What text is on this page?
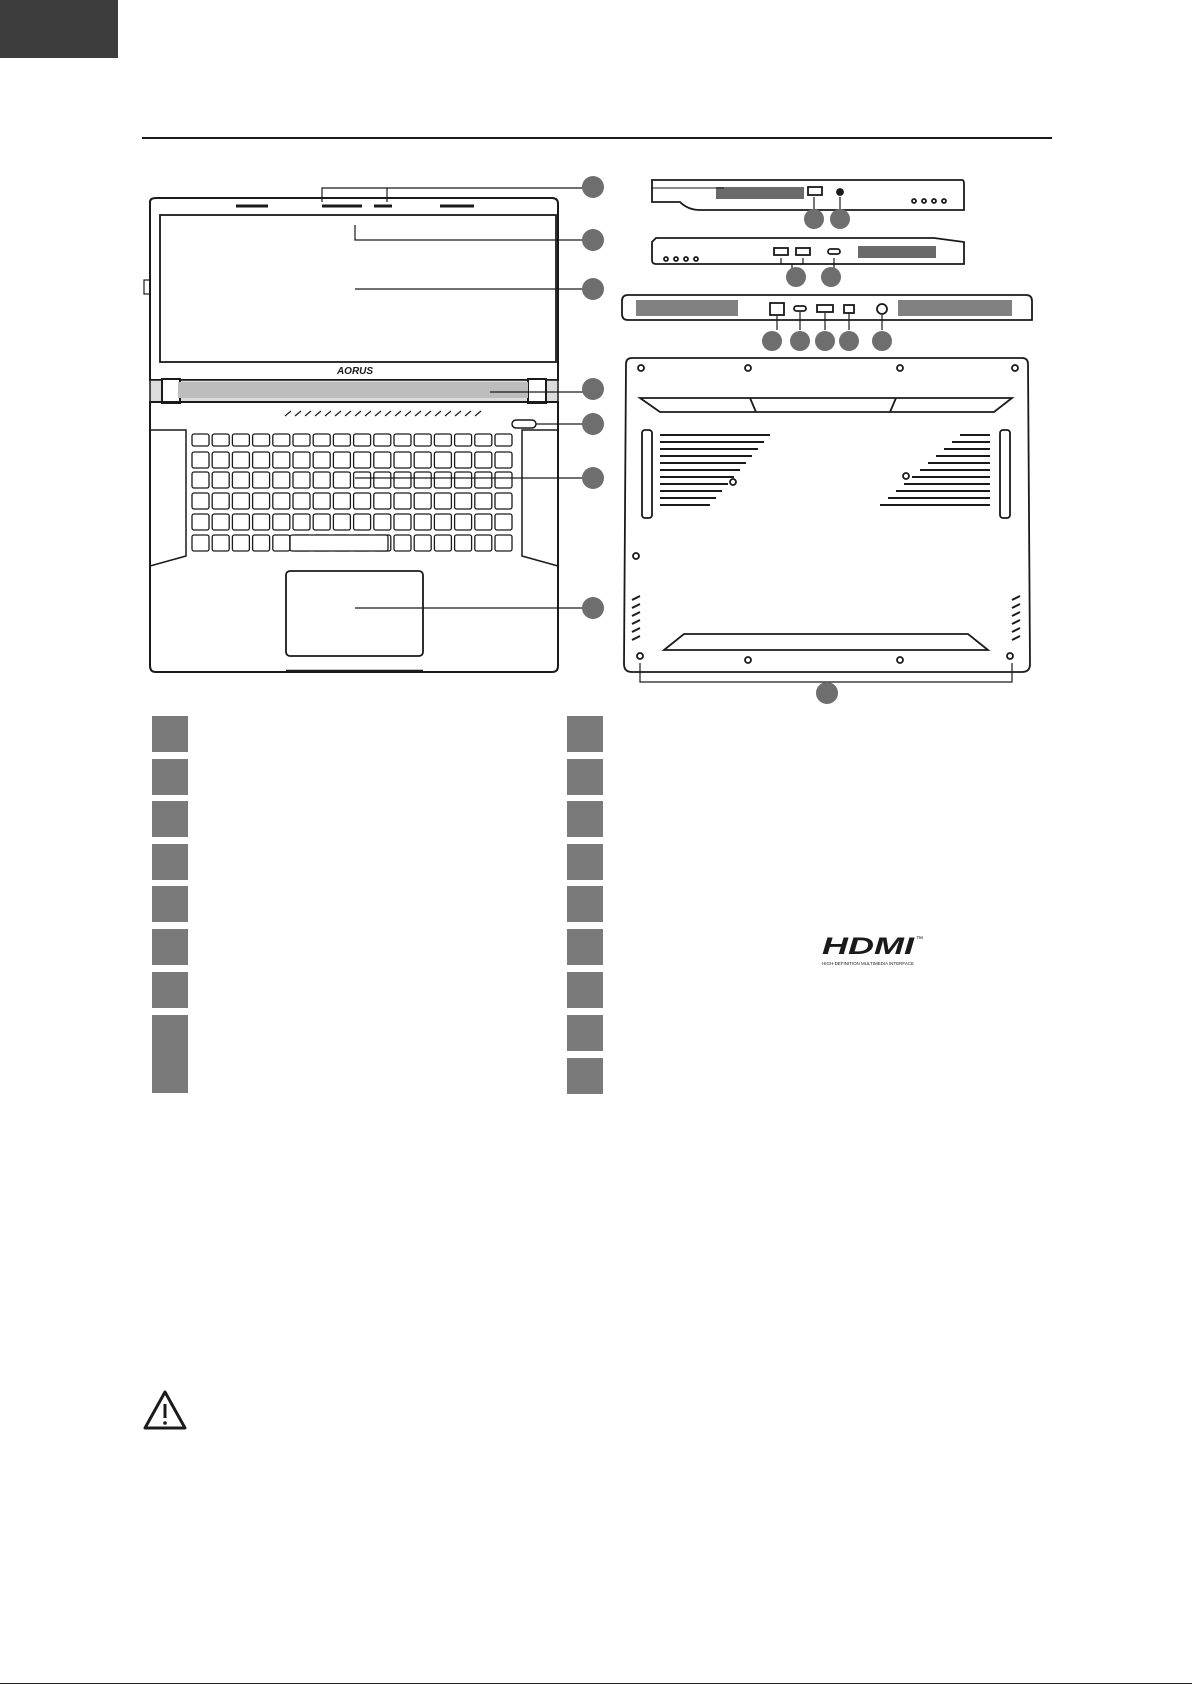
AORUS
HDMI ™
HIGH-DEFINITION MULTIMEDIA INTERFACE
